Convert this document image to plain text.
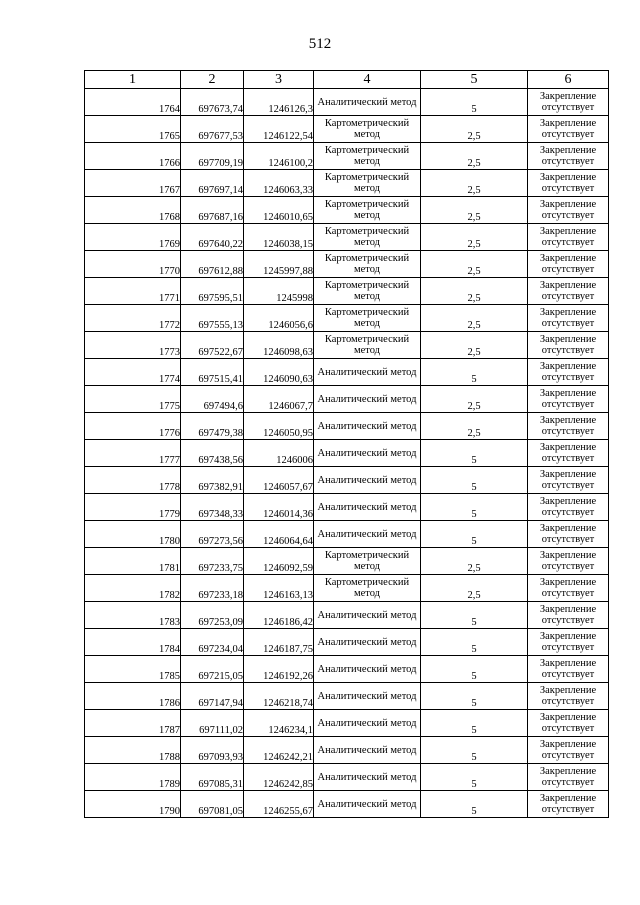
512
1	2	3	4	5	6
1764	697673,74	1246126,3	Аналитический метод	5	Закрепление отсутствует
1765	697677,53	1246122,54	Картометрический метод	2,5	Закрепление отсутствует
1766	697709,19	1246100,2	Картометрический метод	2,5	Закрепление отсутствует
1767	697697,14	1246063,33	Картометрический метод	2,5	Закрепление отсутствует
1768	697687,16	1246010,65	Картометрический метод	2,5	Закрепление отсутствует
1769	697640,22	1246038,15	Картометрический метод	2,5	Закрепление отсутствует
1770	697612,88	1245997,88	Картометрический метод	2,5	Закрепление отсутствует
1771	697595,51	1245998	Картометрический метод	2,5	Закрепление отсутствует
1772	697555,13	1246056,6	Картометрический метод	2,5	Закрепление отсутствует
1773	697522,67	1246098,63	Картометрический метод	2,5	Закрепление отсутствует
1774	697515,41	1246090,63	Аналитический метод	5	Закрепление отсутствует
1775	697494,6	1246067,7	Аналитический метод	2,5	Закрепление отсутствует
1776	697479,38	1246050,95	Аналитический метод	2,5	Закрепление отсутствует
1777	697438,56	1246006	Аналитический метод	5	Закрепление отсутствует
1778	697382,91	1246057,67	Аналитический метод	5	Закрепление отсутствует
1779	697348,33	1246014,36	Аналитический метод	5	Закрепление отсутствует
1780	697273,56	1246064,64	Аналитический метод	5	Закрепление отсутствует
1781	697233,75	1246092,59	Картометрический метод	2,5	Закрепление отсутствует
1782	697233,18	1246163,13	Картометрический метод	2,5	Закрепление отсутствует
1783	697253,09	1246186,42	Аналитический метод	5	Закрепление отсутствует
1784	697234,04	1246187,75	Аналитический метод	5	Закрепление отсутствует
1785	697215,05	1246192,26	Аналитический метод	5	Закрепление отсутствует
1786	697147,94	1246218,74	Аналитический метод	5	Закрепление отсутствует
1787	697111,02	1246234,1	Аналитический метод	5	Закрепление отсутствует
1788	697093,93	1246242,21	Аналитический метод	5	Закрепление отсутствует
1789	697085,31	1246242,85	Аналитический метод	5	Закрепление отсутствует
1790	697081,05	1246255,67	Аналитический метод	5	Закрепление отсутствует
